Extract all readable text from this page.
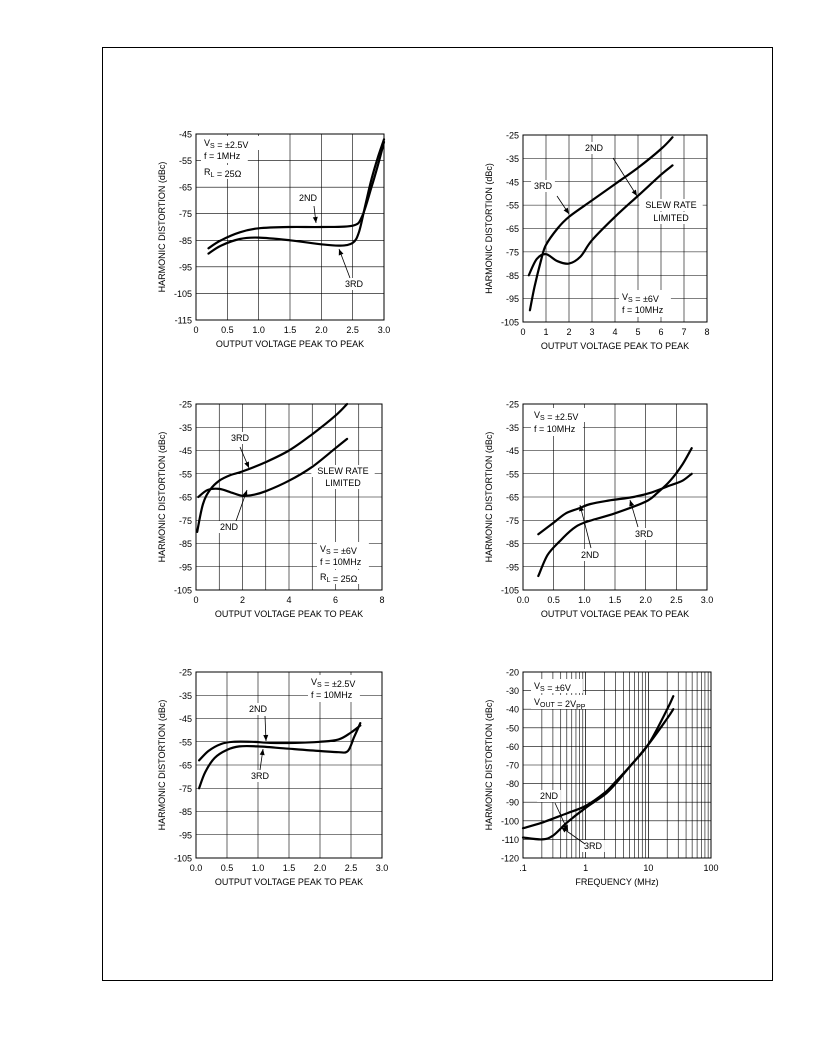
-45
-55
-65
-75
-85
-95
-105
-115
0	0.5 1.0 1.5 2.0 2.5 3.0
OUTPUT VOLTAGE PEAK TO PEAK
HARMONIC DISTORTION (dBc)
$V_S = \pm 2.5V$
f = 1MHz
$R_L = 25\Omega$
2ND
3RD
-25
-35
-45
-55
-65
-75
-85
-95
-105
0 1 2 3 4 5 6 7 8
OUTPUT VOLTAGE PEAK TO PEAK
HARMONIC DISTORTION (dBc)
$V_S = \pm 6V$
f = 10MHz
2ND
3RD
SLEW RATE
LIMITED
-25
-35
-45
-55
-65
-75
-85
-95
-105
0	2	4	6	8
OUTPUT VOLTAGE PEAK TO PEAK
HARMONIC DISTORTION (dBc)	$V_S = \pm 6V$
f = 10MHz
$R_L = 25\Omega$
2ND
3RD
SLEW RATE
LIMITED
-25
-35
-45
-55
-65
-75
-85
-95
-105
0.0 0.5 1.0 1.5 2.0 2.5 3.0
OUTPUT VOLTAGE PEAK TO PEAK
HARMONIC DISTORTION (dBc)
$V_S = \pm 2.5V$
f = 10MHz
2ND
3RD
-25
-35
-45
-55
-65
-75
-85
-95
-105
0.0 0.5 1.0 1.5 2.0 2.5 3.0
OUTPUT VOLTAGE PEAK TO PEAK
HARMONIC DISTORTION (dBc)
$V_S = \pm 2.5V$
f = 10MHz
2ND
3RD
-20
-30
-40
-50
-60
-70
-80
-90
-100
-110
-120
.1	1	10	100
FREQUENCY (MHz)
HARMONIC DISTORTION (dBc)
$V_S = \pm 6V$
$V_{OUT} = 2V_{PP}$
2ND
3RD
